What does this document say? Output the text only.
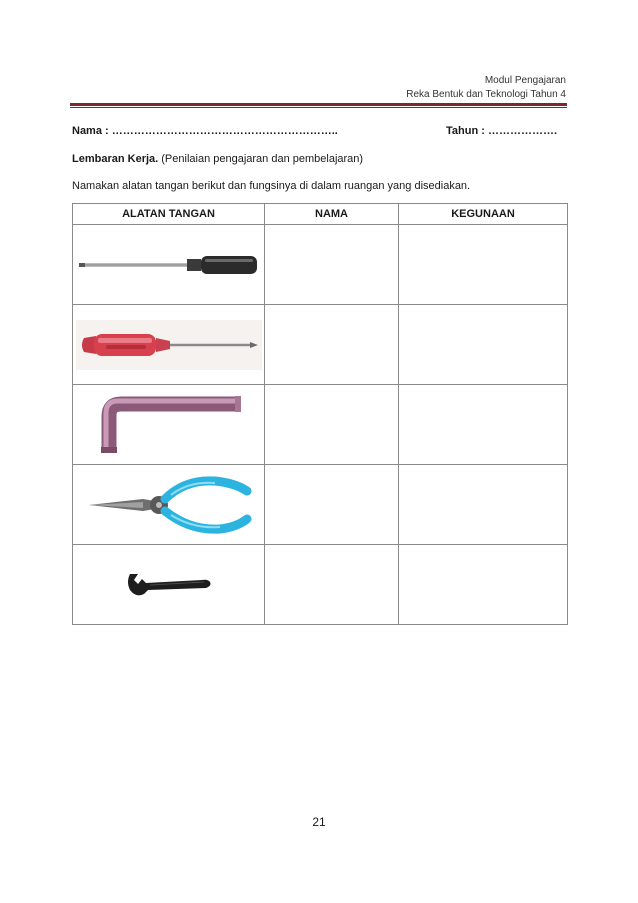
Modul Pengajaran
Reka Bentuk dan Teknologi Tahun 4
Nama : ……………………………………………………..	Tahun : ……………….
Lembaran Kerja. (Penilaian pengajaran dan pembelajaran)
Namakan alatan tangan berikut dan fungsinya di dalam ruangan yang disediakan.
ALATAN TANGAN	NAMA	KEGUNAAN

21
